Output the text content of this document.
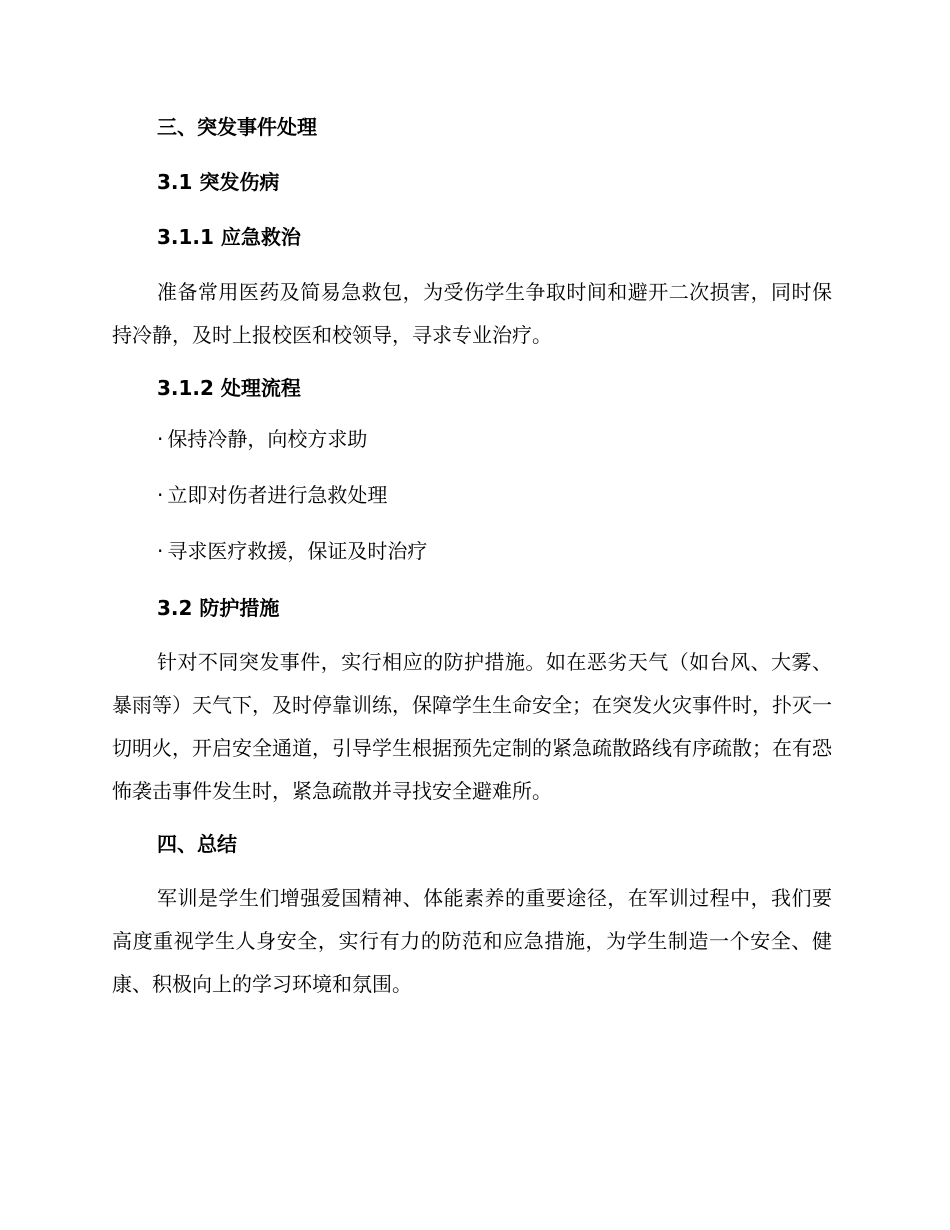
三、突发事件处理
3.1 突发伤病
3.1.1 应急救治

准备常用医药及简易急救包，为受伤学生争取时间和避开二次损害，同时保持冷静，及时上报校医和校领导，寻求专业治疗。

3.1.2 处理流程
· 保持冷静，向校方求助
· 立即对伤者进行急救处理
· 寻求医疗救援，保证及时治疗
3.2 防护措施

针对不同突发事件，实行相应的防护措施。如在恶劣天气（如台风、大雾、暴雨等）天气下，及时停靠训练，保障学生生命安全；在突发火灾事件时，扑灭一切明火，开启安全通道，引导学生根据预先定制的紧急疏散路线有序疏散；在有恐怖袭击事件发生时，紧急疏散并寻找安全避难所。

四、总结

军训是学生们增强爱国精神、体能素养的重要途径，在军训过程中，我们要高度重视学生人身安全，实行有力的防范和应急措施，为学生制造一个安全、健康、积极向上的学习环境和氛围。
